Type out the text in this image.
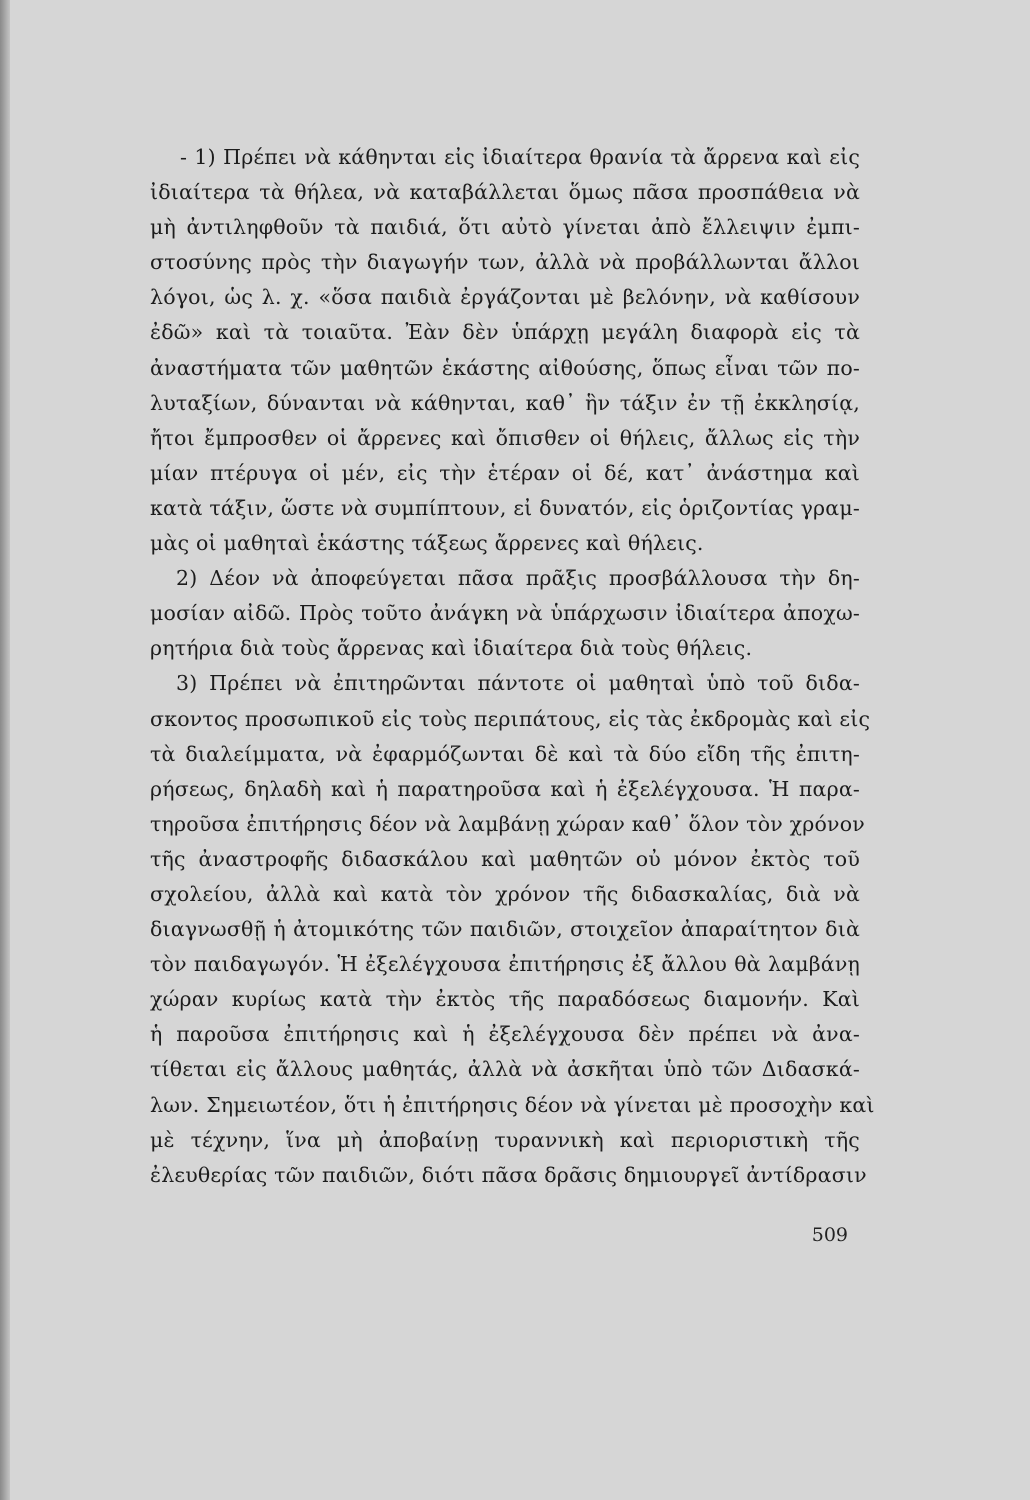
- 1) Πρέπει νὰ κάθηνται εἰς ἰδιαίτερα θρανία τὰ ἄρρενα καὶ εἰς
ἰδιαίτερα τὰ θήλεα, νὰ καταβάλλεται ὅμως πᾶσα προσπάθεια νὰ
μὴ ἀντιληφθοῦν τὰ παιδιά, ὅτι αὐτὸ γίνεται ἀπὸ ἔλλειψιν ἐμπι-
στοσύνης πρὸς τὴν διαγωγήν των, ἀλλὰ νὰ προβάλλωνται ἄλλοι
λόγοι, ὡς λ. χ. «ὅσα παιδιὰ ἐργάζονται μὲ βελόνην, νὰ καθίσουν
ἐδῶ» καὶ τὰ τοιαῦτα. Ἐὰν δὲν ὑπάρχῃ μεγάλη διαφορὰ εἰς τὰ
ἀναστήματα τῶν μαθητῶν ἑκάστης αἰθούσης, ὅπως εἶναι τῶν πο-
λυταξίων, δύνανται νὰ κάθηνται, καθ᾿ ἣν τάξιν ἐν τῇ ἐκκλησίᾳ,
ἤτοι ἔμπροσθεν οἱ ἄρρενες καὶ ὄπισθεν οἱ θήλεις, ἄλλως εἰς τὴν
μίαν πτέρυγα οἱ μέν, εἰς τὴν ἑτέραν οἱ δέ, κατ᾿ ἀνάστημα καὶ
κατὰ τάξιν, ὥστε νὰ συμπίπτουν, εἰ δυνατόν, εἰς ὁριζοντίας γραμ-
μὰς οἱ μαθηταὶ ἑκάστης τάξεως ἄρρενες καὶ θήλεις.
2) Δέον νὰ ἀποφεύγεται πᾶσα πρᾶξις προσβάλλουσα τὴν δη-
μοσίαν αἰδῶ. Πρὸς τοῦτο ἀνάγκη νὰ ὑπάρχωσιν ἰδιαίτερα ἀποχω-
ρητήρια διὰ τοὺς ἄρρενας καὶ ἰδιαίτερα διὰ τοὺς θήλεις.
3) Πρέπει νὰ ἐπιτηρῶνται πάντοτε οἱ μαθηταὶ ὑπὸ τοῦ διδα-
σκοντος προσωπικοῦ εἰς τοὺς περιπάτους, εἰς τὰς ἐκδρομὰς καὶ εἰς
τὰ διαλείμματα, νὰ ἐφαρμόζωνται δὲ καὶ τὰ δύο εἴδη τῆς ἐπιτη-
ρήσεως, δηλαδὴ καὶ ἡ παρατηροῦσα καὶ ἡ ἐξελέγχουσα. Ἡ παρα-
τηροῦσα ἐπιτήρησις δέον νὰ λαμβάνῃ χώραν καθ᾿ ὅλον τὸν χρόνον
τῆς ἀναστροφῆς διδασκάλου καὶ μαθητῶν οὐ μόνον ἐκτὸς τοῦ
σχολείου, ἀλλὰ καὶ κατὰ τὸν χρόνον τῆς διδασκαλίας, διὰ νὰ
διαγνωσθῇ ἡ ἀτομικότης τῶν παιδιῶν, στοιχεῖον ἀπαραίτητον διὰ
τὸν παιδαγωγόν. Ἡ ἐξελέγχουσα ἐπιτήρησις ἐξ ἄλλου θὰ λαμβάνῃ
χώραν κυρίως κατὰ τὴν ἐκτὸς τῆς παραδόσεως διαμονήν. Καὶ
ἡ παροῦσα ἐπιτήρησις καὶ ἡ ἐξελέγχουσα δὲν πρέπει νὰ ἀνα-
τίθεται εἰς ἄλλους μαθητάς, ἀλλὰ νὰ ἀσκῆται ὑπὸ τῶν Διδασκά-
λων. Σημειωτέον, ὅτι ἡ ἐπιτήρησις δέον νὰ γίνεται μὲ προσοχὴν καὶ
μὲ τέχνην, ἵνα μὴ ἀποβαίνῃ τυραννικὴ καὶ περιοριστικὴ τῆς
ἐλευθερίας τῶν παιδιῶν, διότι πᾶσα δρᾶσις δημιουργεῖ ἀντίδρασιν
509
